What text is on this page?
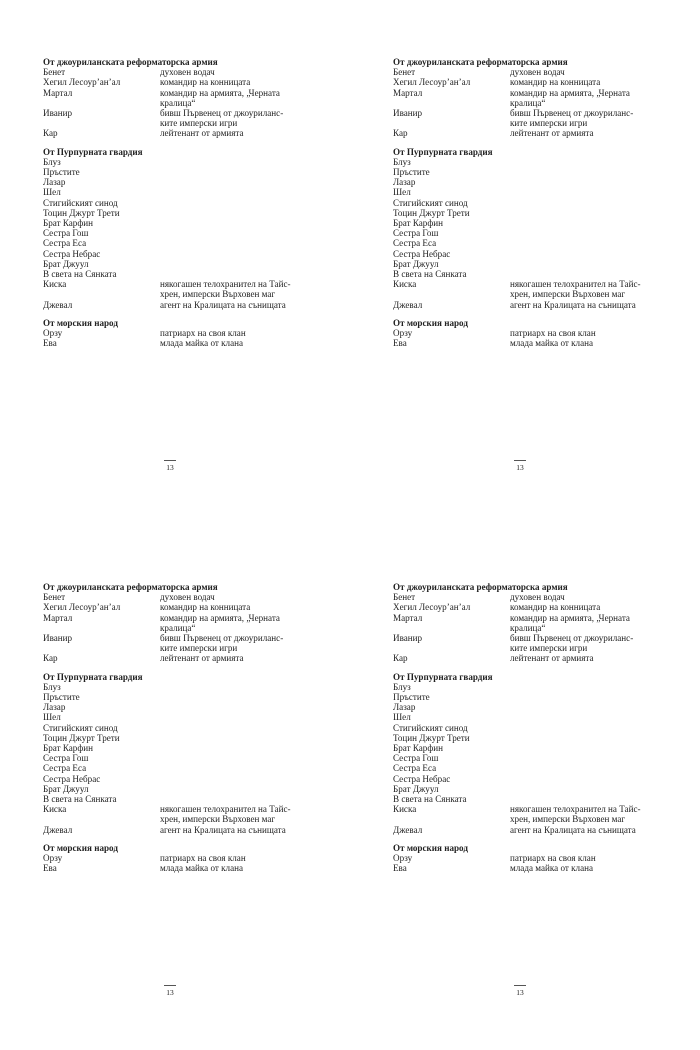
От джоуриланската реформаторска армия
Бенет	духовен водач
Хегил Лесоур’ан’ал	командир на конницата
Мартал	командир на армията, „Черната
кралица“
Иванир	бивш Първенец от джоуриланс-
ките имперски игри
Кар	лейтенант от армията
От Пурпурната гвардия
Блуз
Пръстите
Лазар
Шел
Стигийският синод
Тоцин Джурт Трети
Брат Карфин
Сестра Гош
Сестра Еса
Сестра Небрас
Брат Джуул
В света на Сянката
Киска	някогашен телохранител на Тайс-
хрен, имперски Върховен маг
Джевал	агент на Кралицата на сънищата
От морския народ
Орзу	патриарх на своя клан
Ева	млада майка от клана
13
От джоуриланската реформаторска армия
Бенет	духовен водач
Хегил Лесоур’ан’ал	командир на конницата
Мартал	командир на армията, „Черната
кралица“
Иванир	бивш Първенец от джоуриланс-
ките имперски игри
Кар	лейтенант от армията
От Пурпурната гвардия
Блуз
Пръстите
Лазар
Шел
Стигийският синод
Тоцин Джурт Трети
Брат Карфин
Сестра Гош
Сестра Еса
Сестра Небрас
Брат Джуул
В света на Сянката
Киска	някогашен телохранител на Тайс-
хрен, имперски Върховен маг
Джевал	агент на Кралицата на сънищата
От морския народ
Орзу	патриарх на своя клан
Ева	млада майка от клана
13
От джоуриланската реформаторска армия
Бенет	духовен водач
Хегил Лесоур’ан’ал	командир на конницата
Мартал	командир на армията, „Черната
кралица“
Иванир	бивш Първенец от джоуриланс-
ките имперски игри
Кар	лейтенант от армията
От Пурпурната гвардия
Блуз
Пръстите
Лазар
Шел
Стигийският синод
Тоцин Джурт Трети
Брат Карфин
Сестра Гош
Сестра Еса
Сестра Небрас
Брат Джуул
В света на Сянката
Киска	някогашен телохранител на Тайс-
хрен, имперски Върховен маг
Джевал	агент на Кралицата на сънищата
От морския народ
Орзу	патриарх на своя клан
Ева	млада майка от клана
13
От джоуриланската реформаторска армия
Бенет	духовен водач
Хегил Лесоур’ан’ал	командир на конницата
Мартал	командир на армията, „Черната
кралица“
Иванир	бивш Първенец от джоуриланс-
ките имперски игри
Кар	лейтенант от армията
От Пурпурната гвардия
Блуз
Пръстите
Лазар
Шел
Стигийският синод
Тоцин Джурт Трети
Брат Карфин
Сестра Гош
Сестра Еса
Сестра Небрас
Брат Джуул
В света на Сянката
Киска	някогашен телохранител на Тайс-
хрен, имперски Върховен маг
Джевал	агент на Кралицата на сънищата
От морския народ
Орзу	патриарх на своя клан
Ева	млада майка от клана
13
